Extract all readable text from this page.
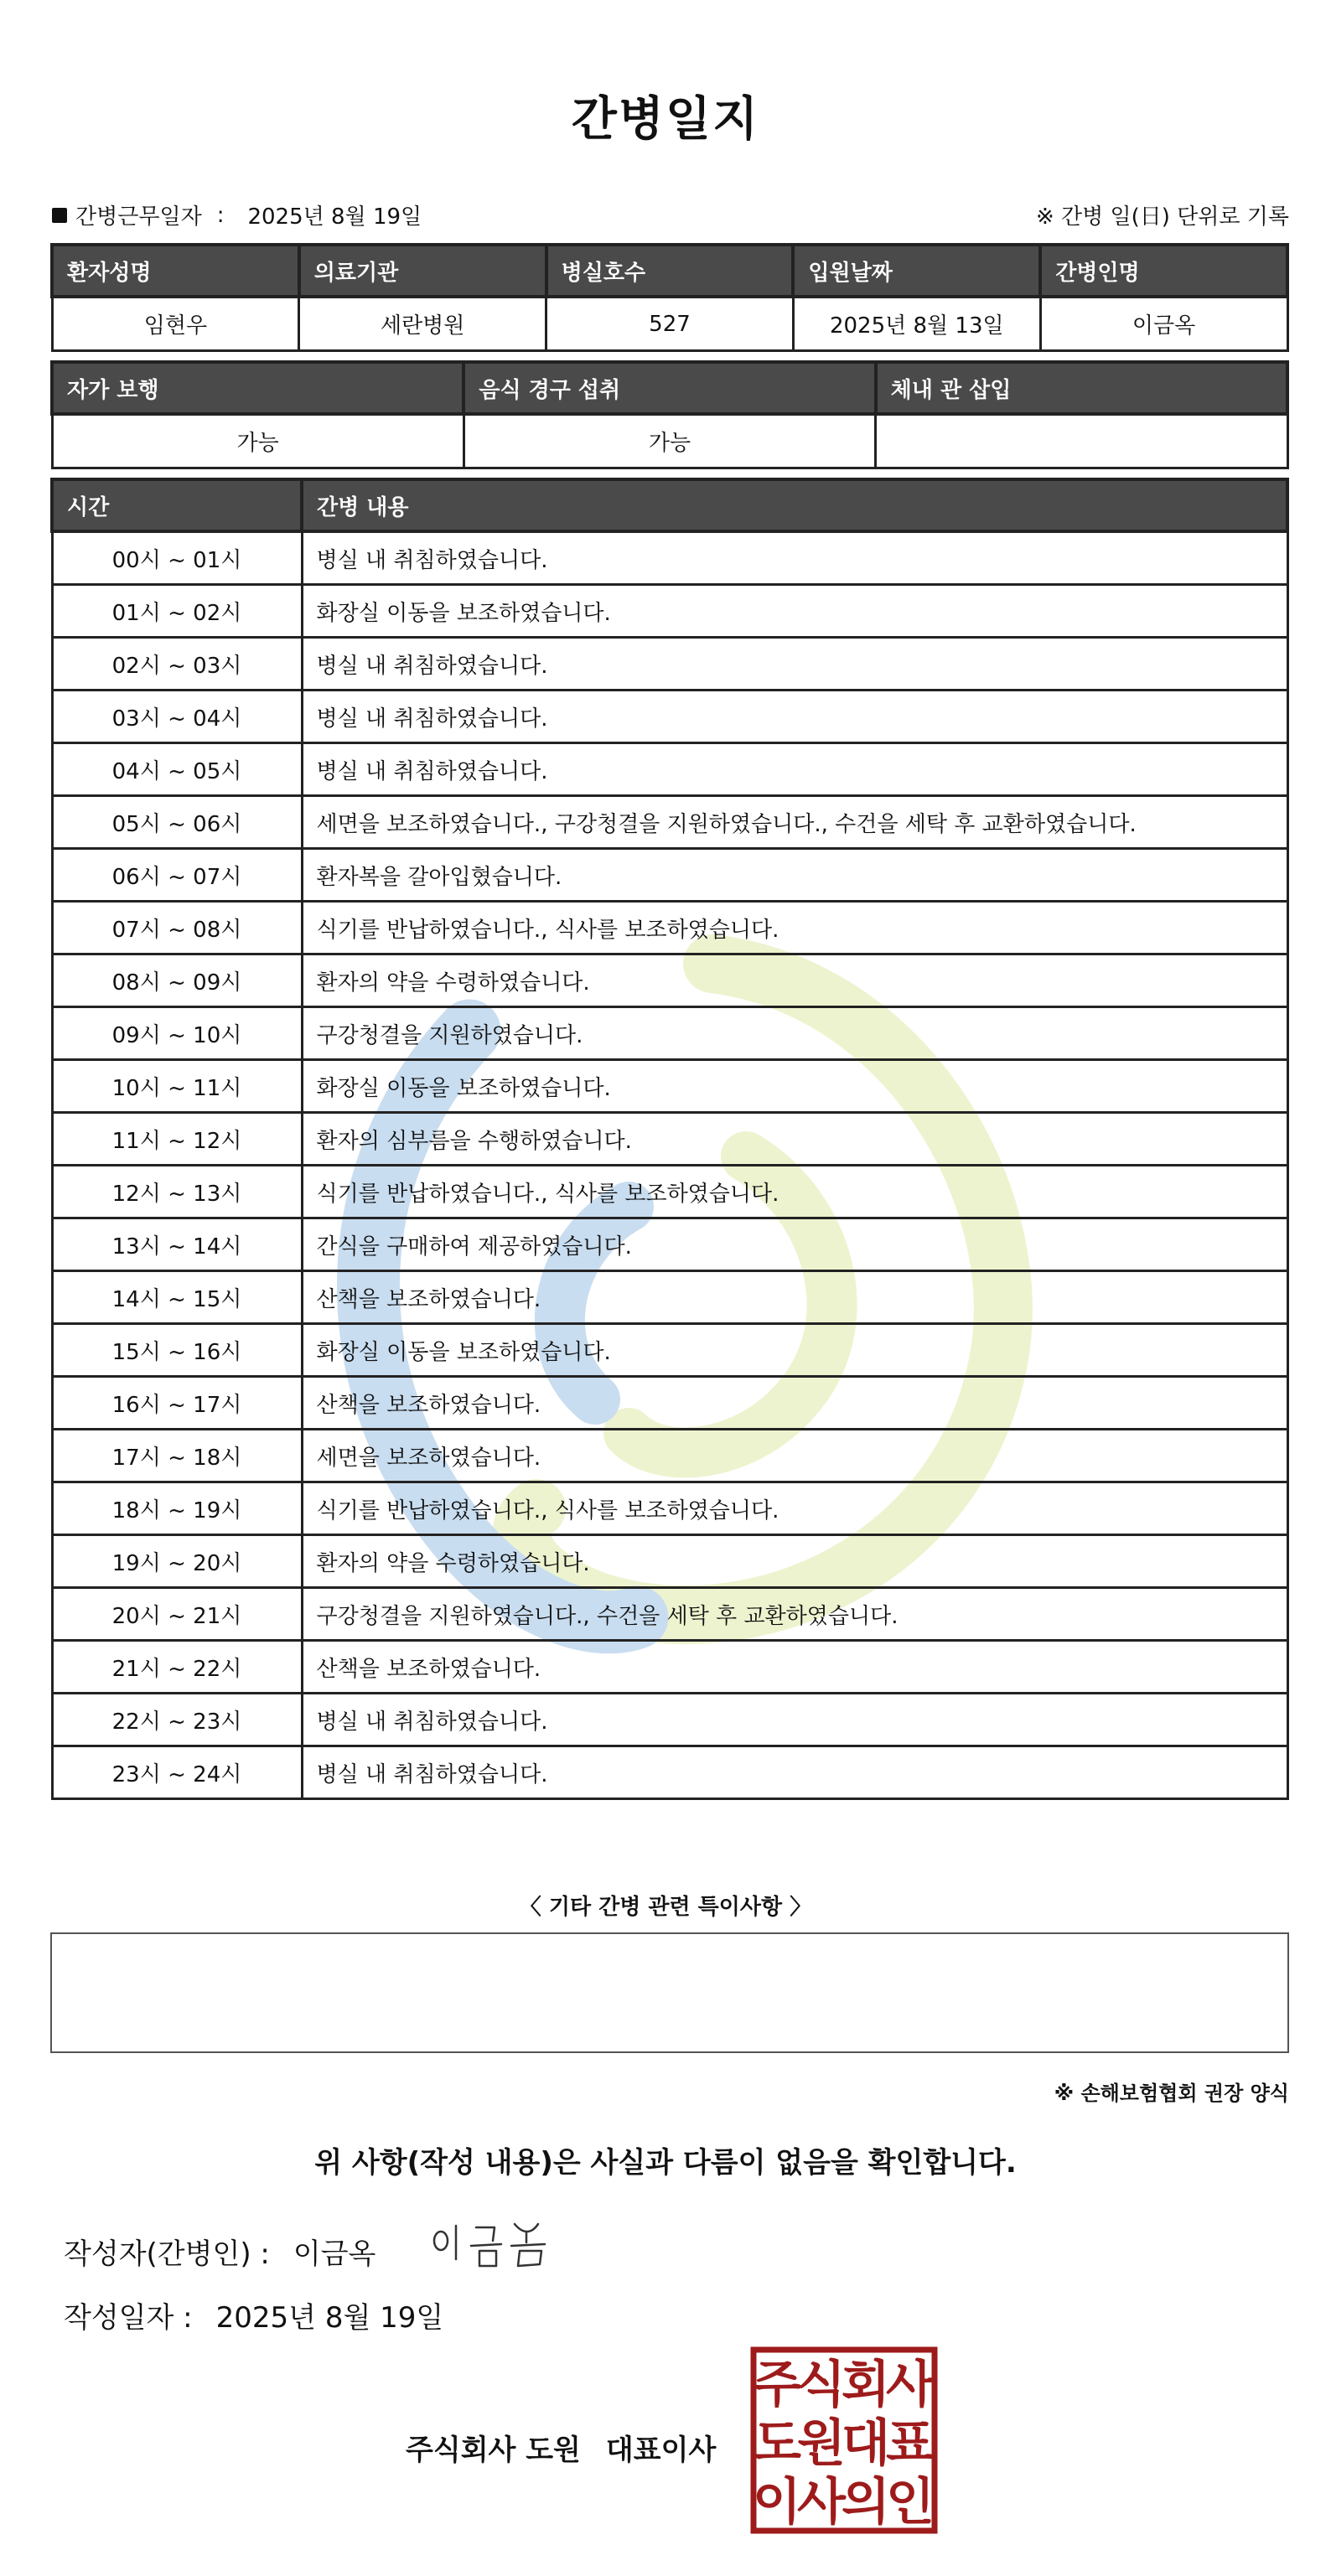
간병일지
간병근무일자 : 2025년 8월 19일	※ 간병 일(日) 단위로 기록
환자성명	의료기관	병실호수	입원날짜	간병인명
임현우	세란병원	527	2025년 8월 13일	이금옥
자가 보행	음식 경구 섭취	체내 관 삽입
가능	가능	
시간	간병 내용
00시 ~ 01시	병실 내 취침하였습니다.
01시 ~ 02시	화장실 이동을 보조하였습니다.
02시 ~ 03시	병실 내 취침하였습니다.
03시 ~ 04시	병실 내 취침하였습니다.
04시 ~ 05시	병실 내 취침하였습니다.
05시 ~ 06시	세면을 보조하였습니다., 구강청결을 지원하였습니다., 수건을 세탁 후 교환하였습니다.
06시 ~ 07시	환자복을 갈아입혔습니다.
07시 ~ 08시	식기를 반납하였습니다., 식사를 보조하였습니다.
08시 ~ 09시	환자의 약을 수령하였습니다.
09시 ~ 10시	구강청결을 지원하였습니다.
10시 ~ 11시	화장실 이동을 보조하였습니다.
11시 ~ 12시	환자의 심부름을 수행하였습니다.
12시 ~ 13시	식기를 반납하였습니다., 식사를 보조하였습니다.
13시 ~ 14시	간식을 구매하여 제공하였습니다.
14시 ~ 15시	산책을 보조하였습니다.
15시 ~ 16시	화장실 이동을 보조하였습니다.
16시 ~ 17시	산책을 보조하였습니다.
17시 ~ 18시	세면을 보조하였습니다.
18시 ~ 19시	식기를 반납하였습니다., 식사를 보조하였습니다.
19시 ~ 20시	환자의 약을 수령하였습니다.
20시 ~ 21시	구강청결을 지원하였습니다., 수건을 세탁 후 교환하였습니다.
21시 ~ 22시	산책을 보조하였습니다.
22시 ~ 23시	병실 내 취침하였습니다.
23시 ~ 24시	병실 내 취침하였습니다.
〈 기타 간병 관련 특이사항 〉
※ 손해보험협회 권장 양식
위 사항(작성 내용)은 사실과 다름이 없음을 확인합니다.
작성자(간병인) : 이금옥
작성일자 : 2025년 8월 19일
주식회사 도원 대표이사
주
식
회
사
도
원
대
표
이
사
의
인
